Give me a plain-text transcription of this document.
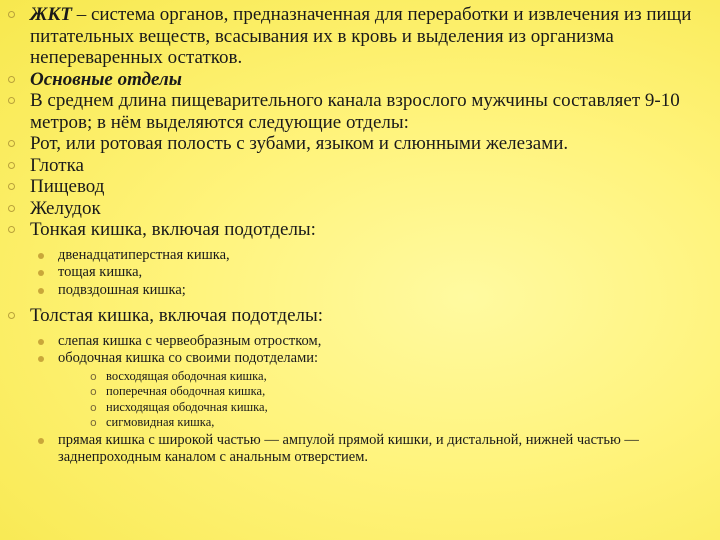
ЖКТ – система органов, предназначенная для переработки и извлечения из пищи питательных веществ, всасывания их в кровь и выделения из организма непереваренных остатков.
Основные отделы
В среднем длина пищеварительного канала взрослого мужчины составляет 9-10 метров; в нём выделяются следующие отделы:
Рот, или ротовая полость с зубами, языком и слюнными железами.
Глотка
Пищевод
Желудок
Тонкая кишка, включая подотделы:
двенадцатиперстная кишка,
тощая кишка,
подвздошная кишка;
Толстая кишка, включая подотделы:
слепая кишка с червеобразным отростком,
ободочная кишка со своими подотделами:
o восходящая ободочная кишка,
o поперечная ободочная кишка,
o нисходящая ободочная кишка,
o сигмовидная кишка,
прямая кишка с широкой частью — ампулой прямой кишки, и дистальной, нижней частью — заднепроходным каналом с анальным отверстием.
